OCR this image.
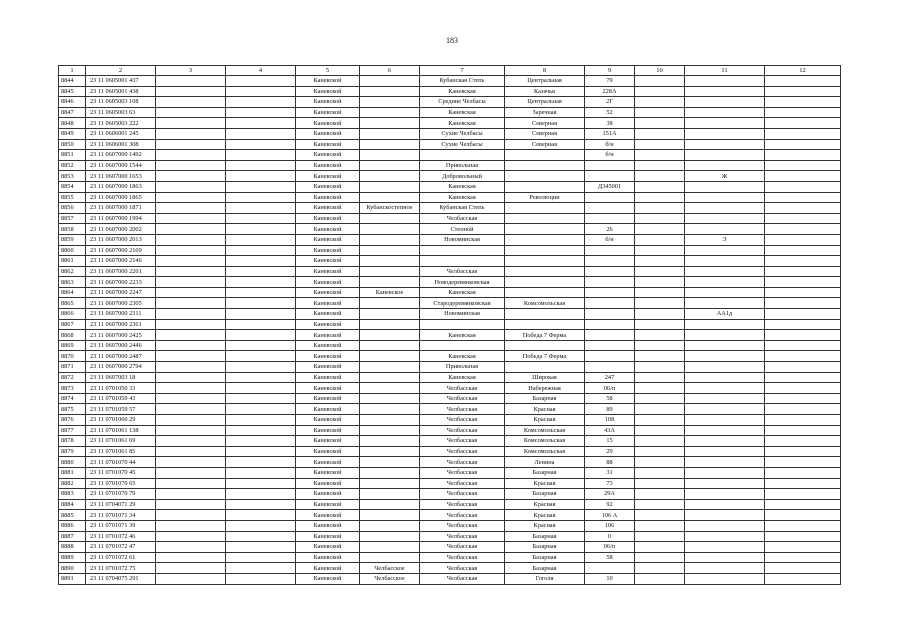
183
1	2	3	4	5	6	7	8	9	10	11	12
8844	23 11 0605001 437			Каневской		Кубанская Степь	Центральная	79			
8845	23 11 0605001 438			Каневской		Каневская	Казачья	228А			
8846	23 11 0605003 108			Каневской		Средние Челбасы	Центральная	2Г			
8847	23 11 0605003 63			Каневской		Каневская	Заречная	52			
8848	23 11 0605003 222			Каневской		Каневская	Северная	38			
8849	23 11 0606001 245			Каневской		Сухие Челбасы	Северная	151А			
8850	23 11 0606001 308			Каневской		Сухие Челбасы	Северная	б/н			
8851	23 11 0607000 1492			Каневской				б/н			
8852	23 11 0607000 1544			Каневской		Привольная					
8853	23 11 0607000 1653			Каневской		Добровольный				Ж	
8854	23 11 0607000 1863			Каневской		Каневская		Д345001			
8855	23 11 0607000 1865			Каневской		Каневская	Революции				
8856	23 11 0607000 1871			Каневской	Кубанскостепное	Кубанская Степь					
8857	23 11 0607000 1994			Каневской		Челбасская					
8858	23 11 0607000 2002			Каневской		Степной		26			
8859	23 11 0607000 2013			Каневской		Новоминская		б/н		Э	
8860	23 11 0607000 2109			Каневской							
8861	23 11 0607000 2146			Каневской							
8862	23 11 0607000 2201			Каневской		Челбасская					
8863	23 11 0607000 2233			Каневской		Новодеревянковская					
8864	23 11 0607000 2247			Каневской	Каневское	Каневская					
8865	23 11 0607000 2305			Каневской		Стародеревянковская	Комсомольская				
8866	23 11 0607000 2311			Каневской		Новоминская				АА1д	
8867	23 11 0607000 2361			Каневской							
8868	23 11 0607000 2425			Каневской		Каневская	Победа 7 Ферма				
8869	23 11 0607000 2446			Каневской							
8870	23 11 0607000 2487			Каневской		Каневская	Победа 7 Ферма				
8871	23 11 0607000 2794			Каневской		Привольная					
8872	23 11 0607003 18			Каневской		Каневская	Широкая	247			
8873	23 11 0701050 33			Каневской		Челбасская	Набережная	06/п			
8874	23 11 0701059 43			Каневской		Челбасская	Базарная	58			
8875	23 11 0701059 57			Каневской		Челбасская	Красная	89			
8876	23 11 0701060 29			Каневской		Челбасская	Красная	108			
8877	23 11 0701061 138			Каневской		Челбасская	Комсомольская	43А			
8878	23 11 0701061 69			Каневской		Челбасская	Комсомольская	15			
8879	23 11 0701061 85			Каневской		Челбасская	Комсомольская	29			
8880	23 11 0701070 44			Каневской		Челбасская	Ленина	88			
8881	23 11 0701070 45			Каневской		Челбасская	Базарная	31			
8882	23 11 0701070 65			Каневской		Челбасская	Красная	73			
8883	23 11 0701070 79			Каневской		Челбасская	Базарная	29А			
8884	23 11 0704071 29			Каневской		Челбасская	Красная	92			
8885	23 11 0701071 34			Каневской		Челбасская	Красная	106 А			
8886	23 11 0701071 39			Каневской		Челбасская	Красная	106			
8887	23 11 0701072 46			Каневской		Челбасская	Базарная	0			
8888	23 11 0701072 47			Каневской		Челбасская	Базарная	06/п			
8889	23 11 0701072 61			Каневской		Челбасская	Базарная	58			
8890	23 11 0701072 75			Каневской	Челбасское	Челбасская	Базарная				
8891	23 11 0704075 291			Каневской	Челбасское	Челбасская	Гоголя	10			
